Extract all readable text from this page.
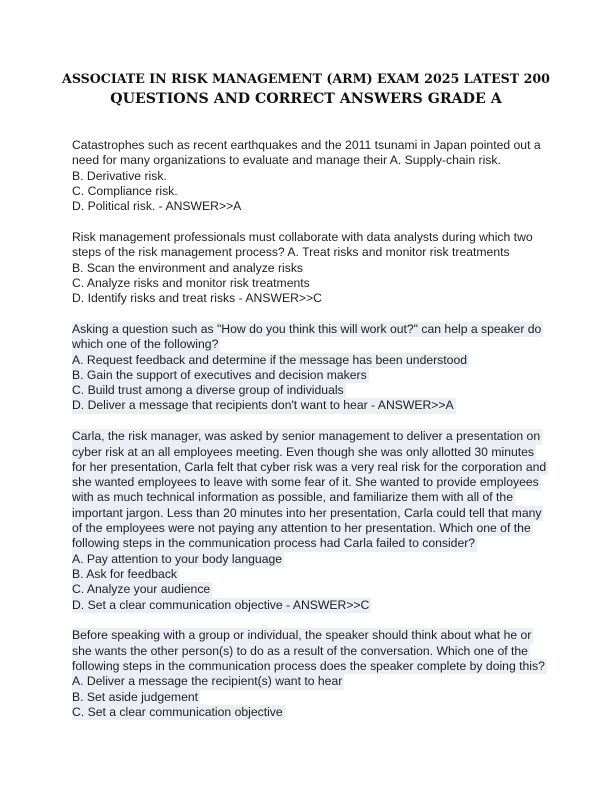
ASSOCIATE IN RISK MANAGEMENT (ARM) EXAM 2025 LATEST 200
QUESTIONS AND CORRECT ANSWERS GRADE A
Catastrophes such as recent earthquakes and the 2011 tsunami in Japan pointed out a
need for many organizations to evaluate and manage their A. Supply-chain risk.
B. Derivative risk.
C. Compliance risk.
D. Political risk. - ANSWER>>A
Risk management professionals must collaborate with data analysts during which two
steps of the risk management process? A. Treat risks and monitor risk treatments
B. Scan the environment and analyze risks
C. Analyze risks and monitor risk treatments
D. Identify risks and treat risks - ANSWER>>C
Asking a question such as "How do you think this will work out?" can help a speaker do
which one of the following?
A. Request feedback and determine if the message has been understood
B. Gain the support of executives and decision makers
C. Build trust among a diverse group of individuals
D. Deliver a message that recipients don't want to hear - ANSWER>>A
Carla, the risk manager, was asked by senior management to deliver a presentation on
cyber risk at an all employees meeting. Even though she was only allotted 30 minutes
for her presentation, Carla felt that cyber risk was a very real risk for the corporation and
she wanted employees to leave with some fear of it. She wanted to provide employees
with as much technical information as possible, and familiarize them with all of the
important jargon. Less than 20 minutes into her presentation, Carla could tell that many
of the employees were not paying any attention to her presentation. Which one of the
following steps in the communication process had Carla failed to consider?
A. Pay attention to your body language
B. Ask for feedback
C. Analyze your audience
D. Set a clear communication objective - ANSWER>>C
Before speaking with a group or individual, the speaker should think about what he or
she wants the other person(s) to do as a result of the conversation. Which one of the
following steps in the communication process does the speaker complete by doing this?
A. Deliver a message the recipient(s) want to hear
B. Set aside judgement
C. Set a clear communication objective
